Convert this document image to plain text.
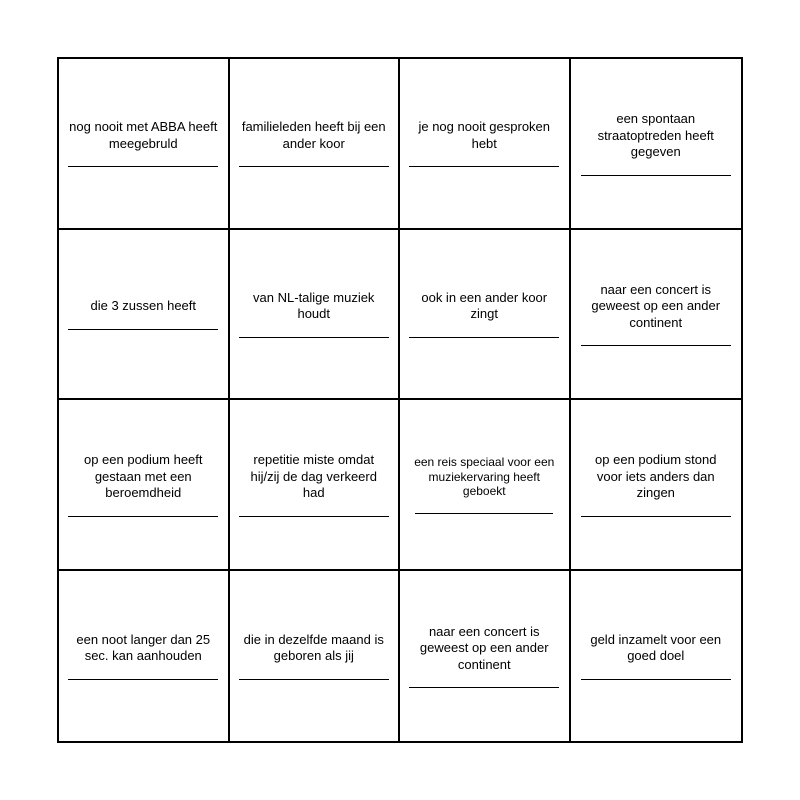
nog nooit met ABBA heeft meegebruld
familieleden heeft bij een ander koor
je nog nooit gesproken hebt
een spontaan straatoptreden heeft gegeven
die 3 zussen heeft
van NL-talige muziek houdt
ook in een ander koor zingt
naar een concert is geweest op een ander continent
op een podium heeft gestaan met een beroemdheid
repetitie miste omdat hij/zij de dag verkeerd had
een reis speciaal voor een muziekervaring heeft geboekt
op een podium stond voor iets anders dan zingen
een noot langer dan 25 sec. kan aanhouden
die in dezelfde maand is geboren als jij
naar een concert is geweest op een ander continent
geld inzamelt voor een goed doel
